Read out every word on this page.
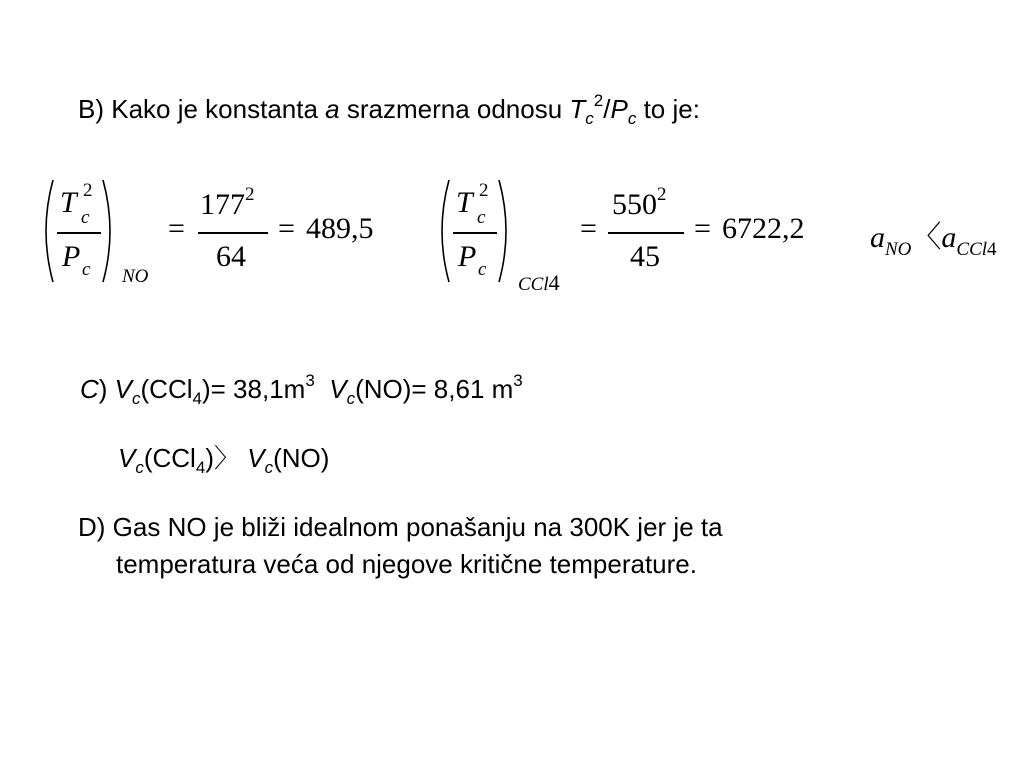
B) Kako je konstanta a srazmerna odnosu $T_c^2/P_c$ to je:
T c
2
P c NO
=
$177^2$
64
= 489,5
T c
2
P c
CCl4
=
$550^2$
45
= 6722,2 $a_{NO}$〈$a_{CCl4}$
C) $V_c(CCl_4)= 38,1m^3$ $V_c(NO)= 8,61$ $m^3$
$V_c(CCl_4)$〉 $V_c(NO)$
D) Gas NO je bliži idealnom ponašanju na 300K jer je ta
temperatura veća od njegove kritične temperature.
